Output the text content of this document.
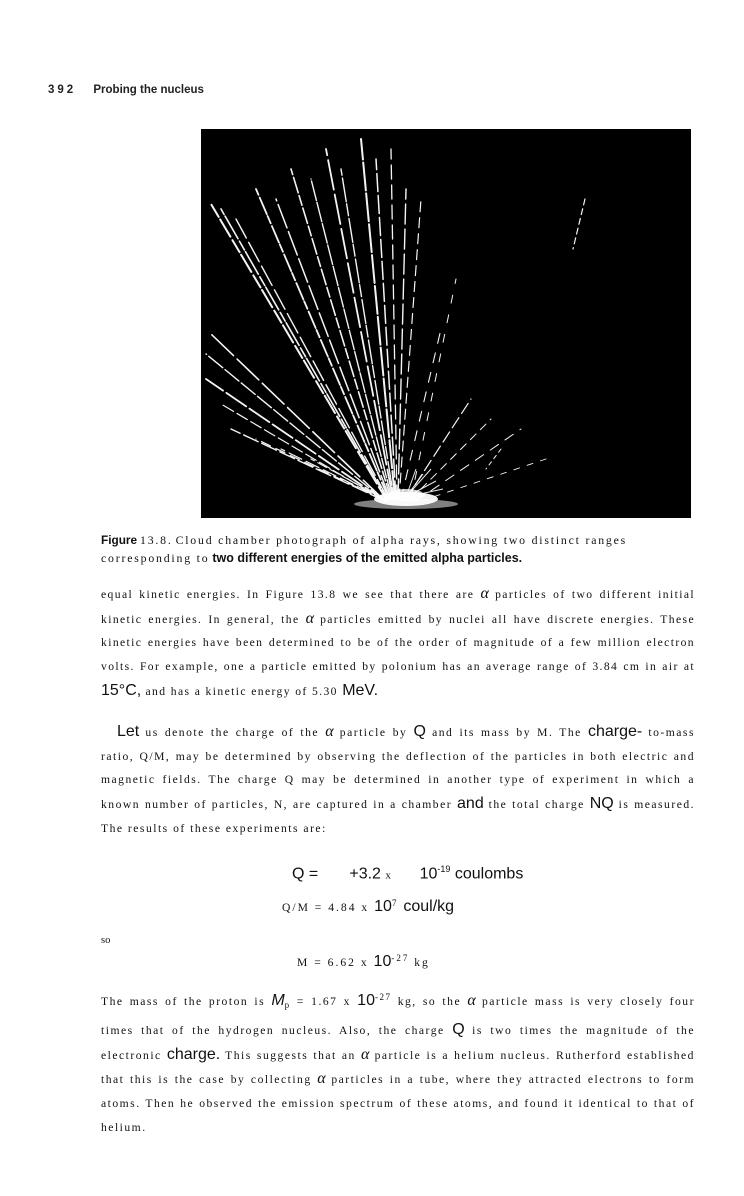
392 Probing the nucleus
Figure 13.8. Cloud chamber photograph of alpha rays, showing two distinct ranges corresponding to two different energies of the emitted alpha particles.
equal kinetic energies. In Figure 13.8 we see that there are α particles of two different initial kinetic energies. In general, the α particles emitted by nuclei all have discrete energies. These kinetic energies have been determined to be of the order of magnitude of a few million electron volts. For example, one a particle emitted by polonium has an average range of 3.84 cm in air at 15°C, and has a kinetic energy of 5.30 MeV.
Let us denote the charge of the α particle by Q and its mass by M. The charge- to-mass ratio, Q/M, may be determined by observing the deflection of the particles in both electric and magnetic fields. The charge Q may be determined in another type of experiment in which a known number of particles, N, are captured in a chamber and the total charge NQ is measured. The results of these experiments are:
Q = +3.2 x $10^{-19}$ coulombs
Q/M = 4.84 x $10^7$ coul/kg
so
M = 6.62 x $10^{-27}$ kg
The mass of the proton is $M_p = 1.67$ x $10^{-27}$ kg, so the α particle mass is very closely four times that of the hydrogen nucleus. Also, the charge Q is two times the magnitude of the electronic charge. This suggests that an α particle is a helium nucleus. Rutherford established that this is the case by collecting α particles in a tube, where they attracted electrons to form atoms. Then he observed the emission spectrum of these atoms, and found it identical to that of helium.
